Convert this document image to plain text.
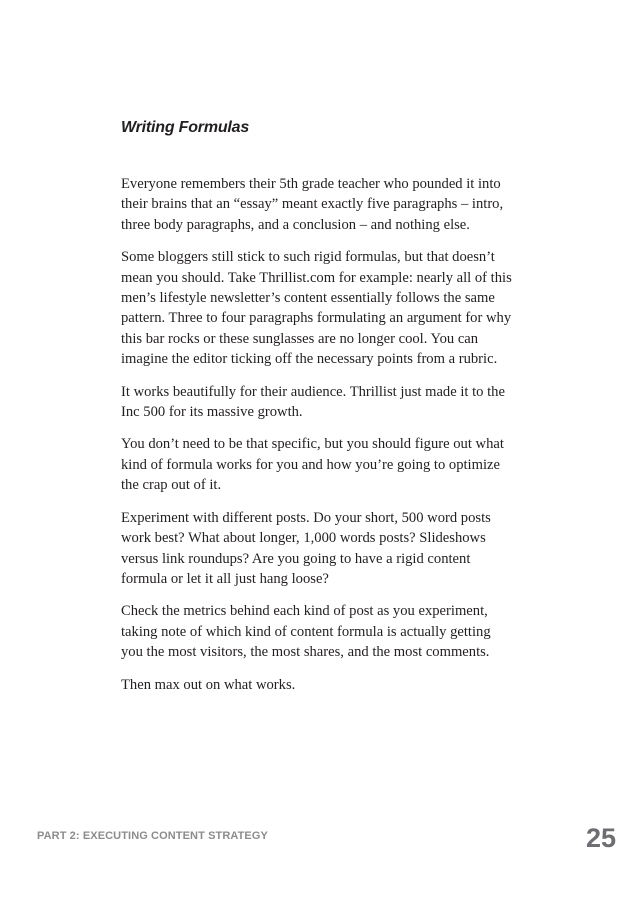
Writing Formulas

Everyone remembers their 5th grade teacher who pounded it into their brains that an “essay” meant exactly five paragraphs – intro, three body paragraphs, and a conclusion – and nothing else.

Some bloggers still stick to such rigid formulas, but that doesn’t mean you should. Take Thrillist.com for example: nearly all of this men’s lifestyle newsletter’s content essentially follows the same pattern. Three to four paragraphs formulating an argument for why this bar rocks or these sunglasses are no longer cool. You can imagine the editor ticking off the necessary points from a rubric.

It works beautifully for their audience. Thrillist just made it to the Inc 500 for its massive growth.

You don’t need to be that specific, but you should figure out what kind of formula works for you and how you’re going to optimize the crap out of it.

Experiment with different posts. Do your short, 500 word posts work best? What about longer, 1,000 words posts? Slideshows versus link roundups? Are you going to have a rigid content formula or let it all just hang loose?

Check the metrics behind each kind of post as you experiment, taking note of which kind of content formula is actually getting you the most visitors, the most shares, and the most comments.

Then max out on what works.

PART 2: EXECUTING CONTENT STRATEGY	25
